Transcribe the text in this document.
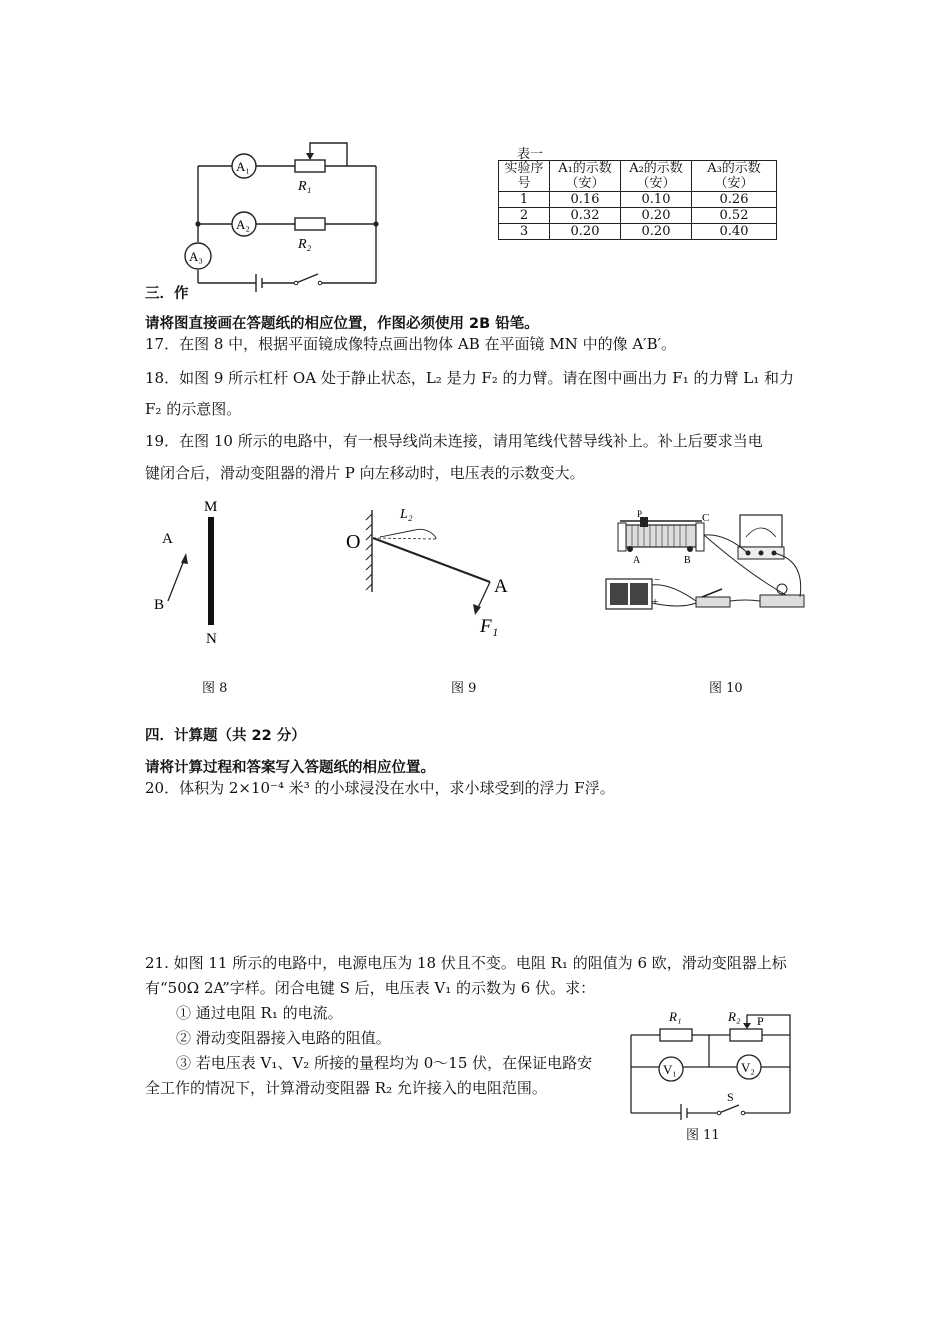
A₁
A₂
A₃
R₁
R₂
表一
实验序号	A₁的示数（安）	A₂的示数（安）	A₃的示数（安）
1	0.16	0.10	0.26
2	0.32	0.20	0.52
3	0.20	0.20	0.40
三．作
请将图直接画在答题纸的相应位置，作图必须使用 2B 铅笔。
17．在图 8 中，根据平面镜成像特点画出物体 AB 在平面镜 MN 中的像 A′B′。
18．如图 9 所示杠杆 OA 处于静止状态，L₂ 是力 F₂ 的力臂。请在图中画出力 F₁ 的力臂 L₁ 和力
F₂ 的示意图。
19．在图 10 所示的电路中，有一根导线尚未连接，请用笔线代替导线补上。补上后要求当电
键闭合后，滑动变阻器的滑片 P 向左移动时，电压表的示数变大。
M
N
A
B
图 8
O
A
L₂
F₁
图 9
P	C
A	B
+
−
图 10
四．计算题（共 22 分）
请将计算过程和答案写入答题纸的相应位置。
20．体积为 2×10⁻⁴ 米³ 的小球浸没在水中，求小球受到的浮力 F浮。
21. 如图 11 所示的电路中，电源电压为 18 伏且不变。电阻 R₁ 的阻值为 6 欧，滑动变阻器上标
有“50Ω 2A”字样。闭合电键 S 后，电压表 V₁ 的示数为 6 伏。求：
① 通过电阻 R₁ 的电流。
② 滑动变阻器接入电路的阻值。
③ 若电压表 V₁、V₂ 所接的量程均为 0～15 伏，在保证电路安
全工作的情况下，计算滑动变阻器 R₂ 允许接入的电阻范围。
R₁	R₂ P
V₁	V₂
S
图 11
